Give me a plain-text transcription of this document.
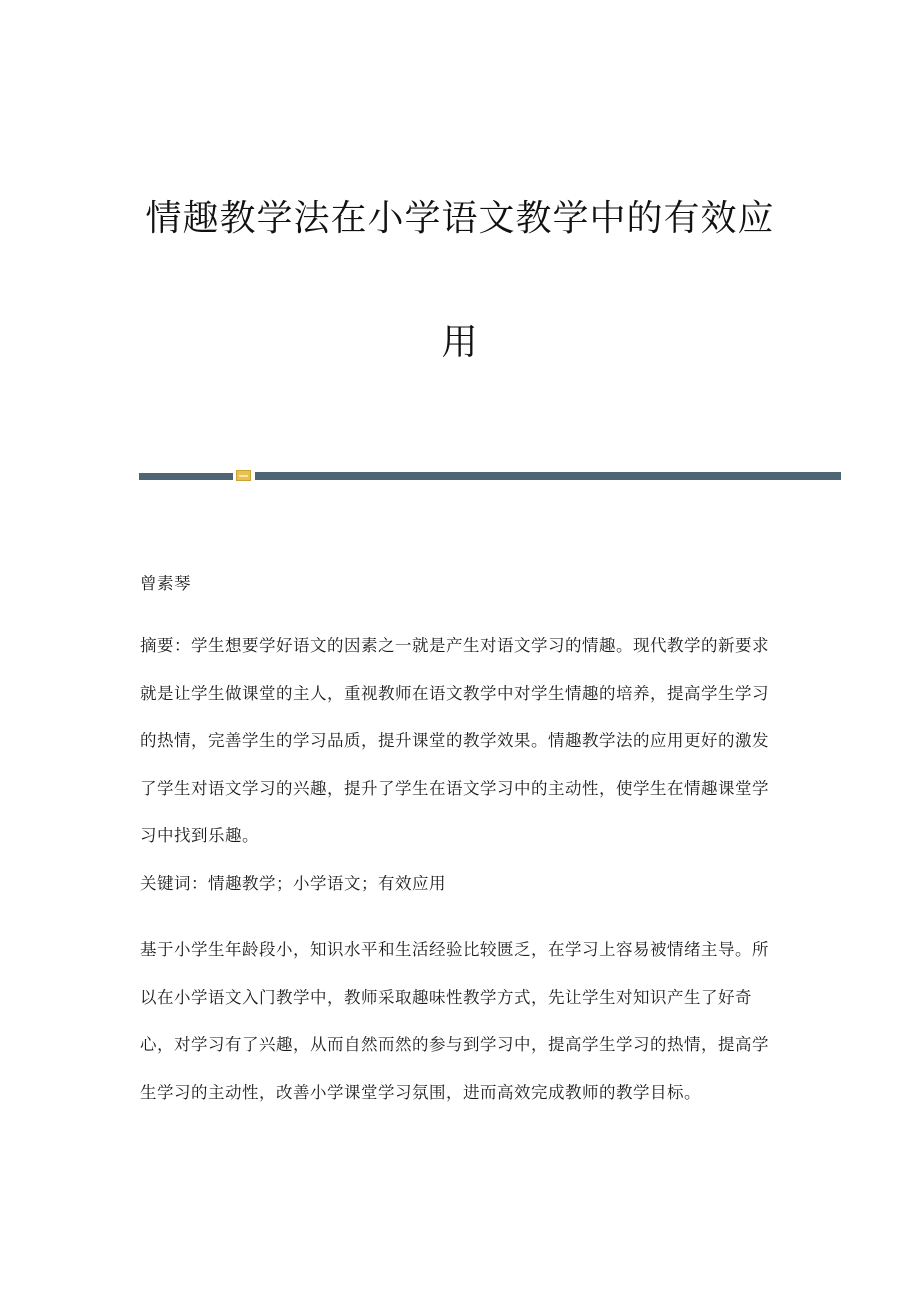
情趣教学法在小学语文教学中的有效应
用

曾素琴

摘要：学生想要学好语文的因素之一就是产生对语文学习的情趣。现代教学的新要求就是让学生做课堂的主人，重视教师在语文教学中对学生情趣的培养，提高学生学习的热情，完善学生的学习品质，提升课堂的教学效果。情趣教学法的应用更好的激发了学生对语文学习的兴趣，提升了学生在语文学习中的主动性，使学生在情趣课堂学习中找到乐趣。

关键词：情趣教学；小学语文；有效应用

基于小学生年龄段小，知识水平和生活经验比较匮乏，在学习上容易被情绪主导。所以在小学语文入门教学中，教师采取趣味性教学方式，先让学生对知识产生了好奇心，对学习有了兴趣，从而自然而然的参与到学习中，提高学生学习的热情，提高学生学习的主动性，改善小学课堂学习氛围，进而高效完成教师的教学目标。
